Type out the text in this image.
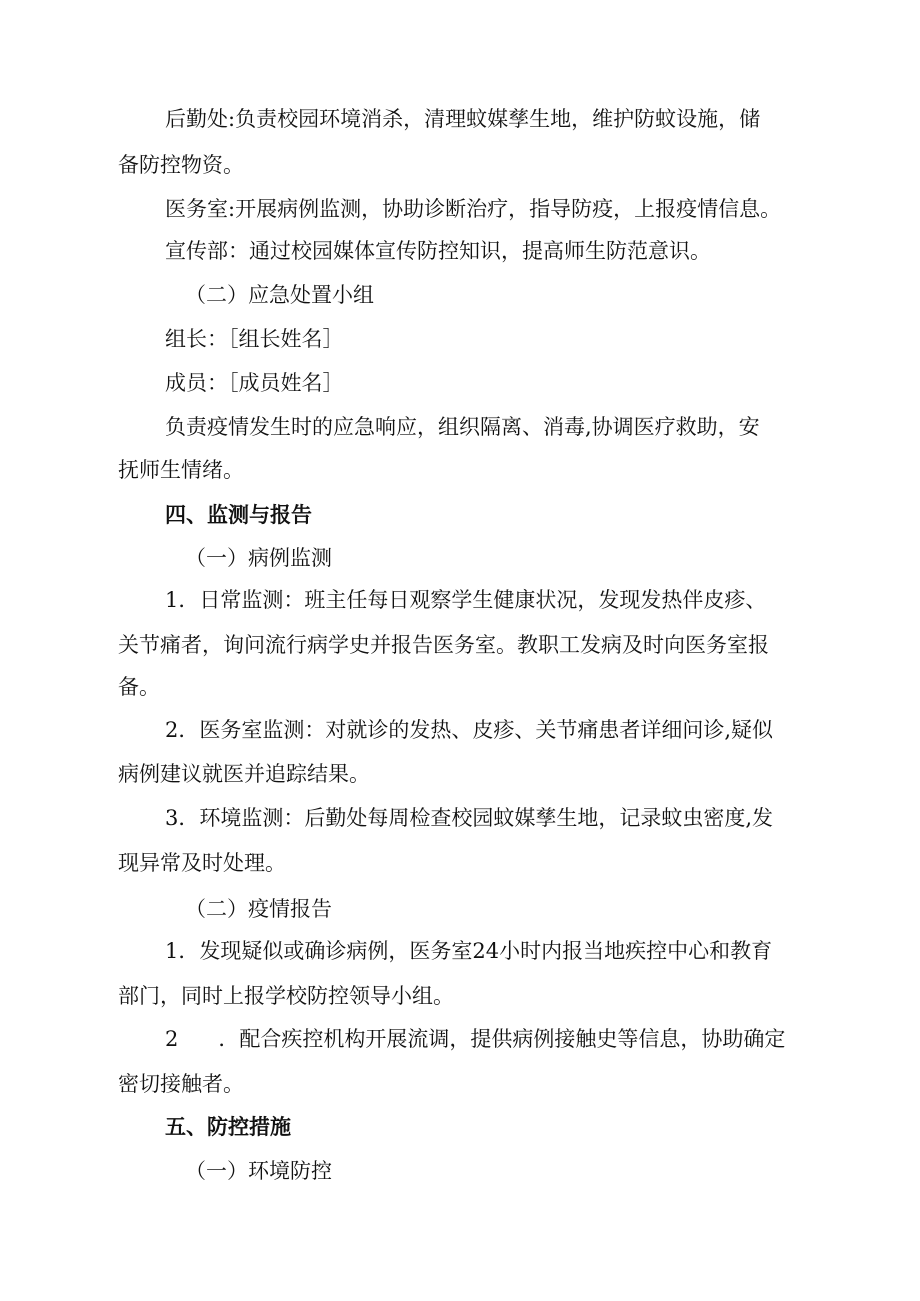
后勤处:负责校园环境消杀，清理蚊媒孳生地，维护防蚊设施，储
备防控物资。
医务室:开展病例监测，协助诊断治疗，指导防疫，上报疫情信息。
宣传部：通过校园媒体宣传防控知识，提高师生防范意识。
（二）应急处置小组
组长：［组长姓名］
成员：［成员姓名］
负责疫情发生时的应急响应，组织隔离、消毒,协调医疗救助，安
抚师生情绪。
四、监测与报告
（一）病例监测
1．日常监测：班主任每日观察学生健康状况，发现发热伴皮疹、
关节痛者，询问流行病学史并报告医务室。教职工发病及时向医务室报
备。
2．医务室监测：对就诊的发热、皮疹、关节痛患者详细问诊,疑似
病例建议就医并追踪结果。
3．环境监测：后勤处每周检查校园蚊媒孳生地，记录蚊虫密度,发
现异常及时处理。
（二）疫情报告
1．发现疑似或确诊病例，医务室24小时内报当地疾控中心和教育
部门，同时上报学校防控领导小组。
2 ．配合疾控机构开展流调，提供病例接触史等信息，协助确定
密切接触者。
五、防控措施
（一）环境防控
